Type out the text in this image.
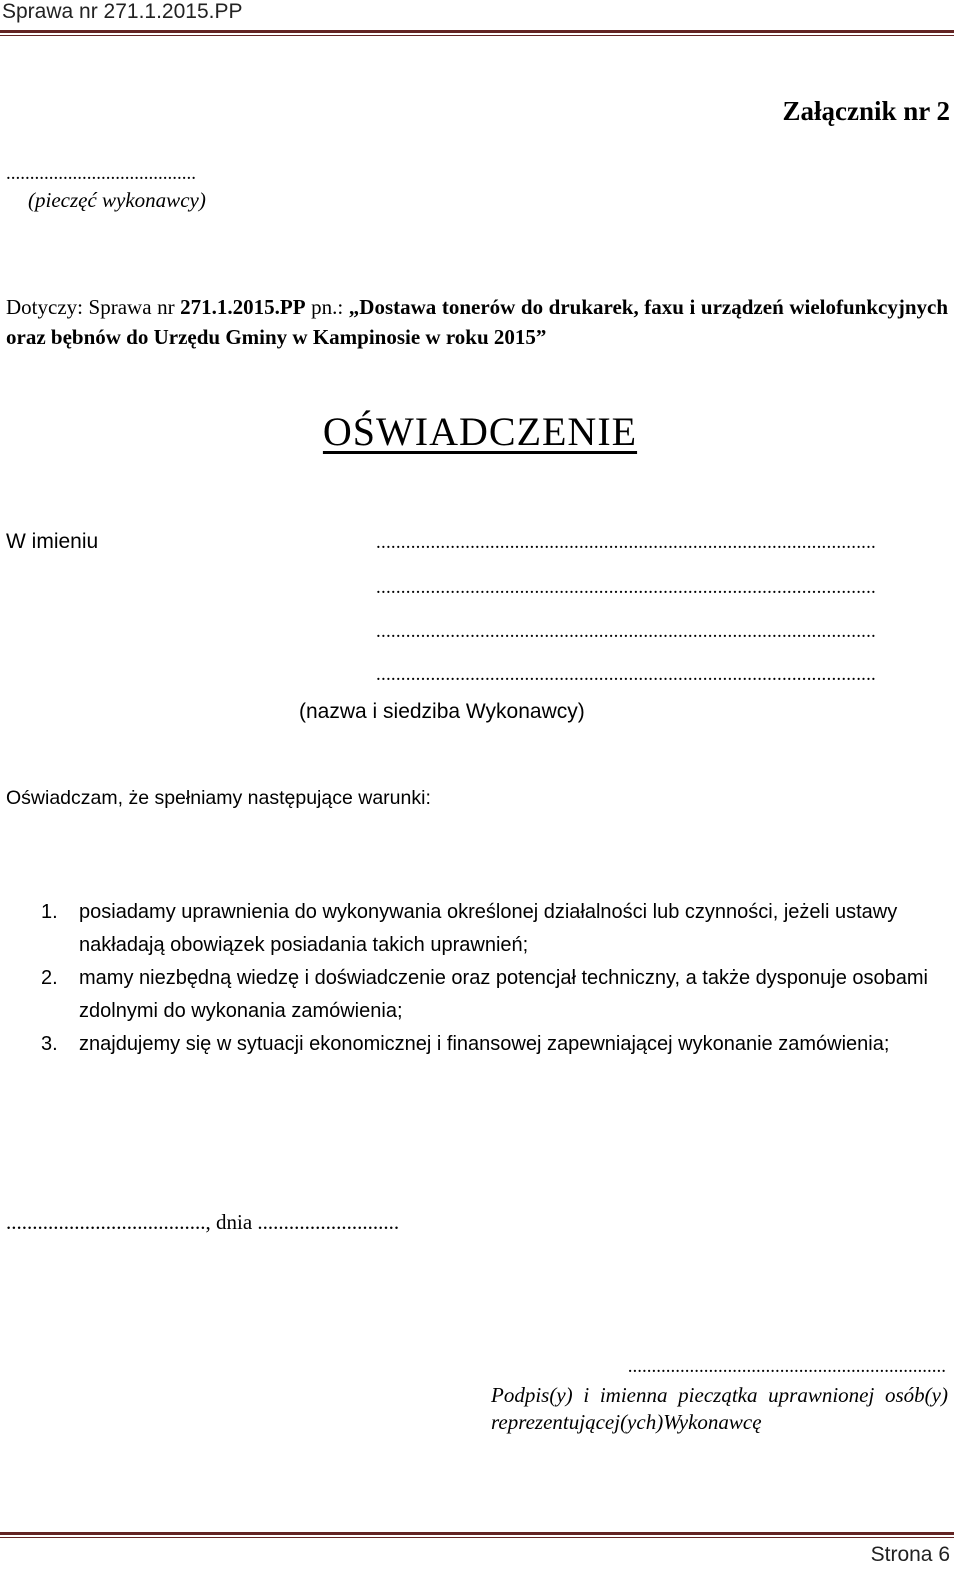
Sprawa nr 271.1.2015.PP
Załącznik nr 2
........................................
(pieczęć wykonawcy)
Dotyczy: Sprawa nr 271.1.2015.PP pn.: „Dostawa tonerów do drukarek, faxu i urządzeń wielofunkcyjnych oraz bębnów do Urzędu Gminy w Kampinosie w roku 2015”
OŚWIADCZENIE
W imieniu	.....................................................................................................
.....................................................................................................
.....................................................................................................
.....................................................................................................
(nazwa i siedziba Wykonawcy)
Oświadczam, że spełniamy następujące warunki:
1. posiadamy uprawnienia do wykonywania określonej działalności lub czynności, jeżeli ustawy nakładają obowiązek posiadania takich uprawnień;
2. mamy niezbędną wiedzę i doświadczenie oraz potencjał techniczny, a także dysponuje osobami zdolnymi do wykonania zamówienia;
3. znajdujemy się w sytuacji ekonomicznej i finansowej zapewniającej wykonanie zamówienia;
......................................, dnia ...........................
...................................................................
Podpis(y) i imienna pieczątka uprawnionej osób(y) reprezentującej(ych)Wykonawcę
Strona 6
